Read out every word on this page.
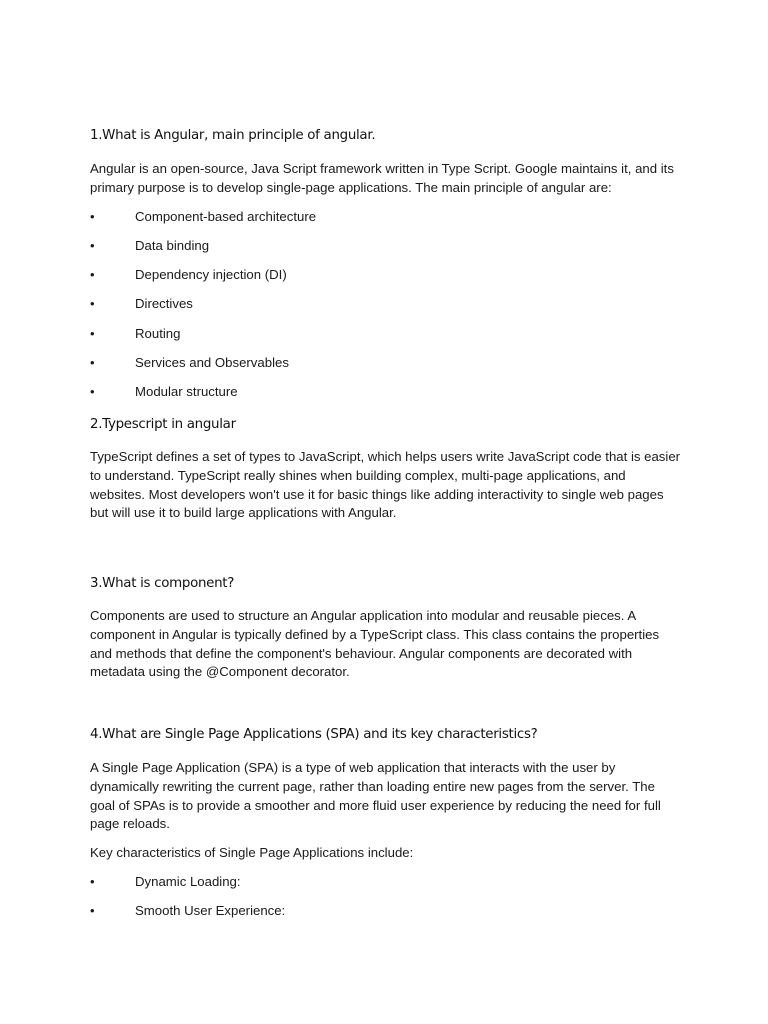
1.What is Angular, main principle of angular.
Angular is an open-source, Java Script framework written in Type Script. Google maintains it, and its primary purpose is to develop single-page applications. The main principle of angular are:
•	Component-based architecture
•	Data binding
•	Dependency injection (DI)
•	Directives
•	Routing
•	Services and Observables
•	Modular structure
2.Typescript in angular
TypeScript defines a set of types to JavaScript, which helps users write JavaScript code that is easier to understand. TypeScript really shines when building complex, multi-page applications, and websites. Most developers won't use it for basic things like adding interactivity to single web pages but will use it to build large applications with Angular.
3.What is component?
Components are used to structure an Angular application into modular and reusable pieces. A component in Angular is typically defined by a TypeScript class. This class contains the properties and methods that define the component's behaviour. Angular components are decorated with metadata using the @Component decorator.
4.What are Single Page Applications (SPA) and its key characteristics?
A Single Page Application (SPA) is a type of web application that interacts with the user by dynamically rewriting the current page, rather than loading entire new pages from the server. The goal of SPAs is to provide a smoother and more fluid user experience by reducing the need for full page reloads.
Key characteristics of Single Page Applications include:
•	Dynamic Loading:
•	Smooth User Experience:
